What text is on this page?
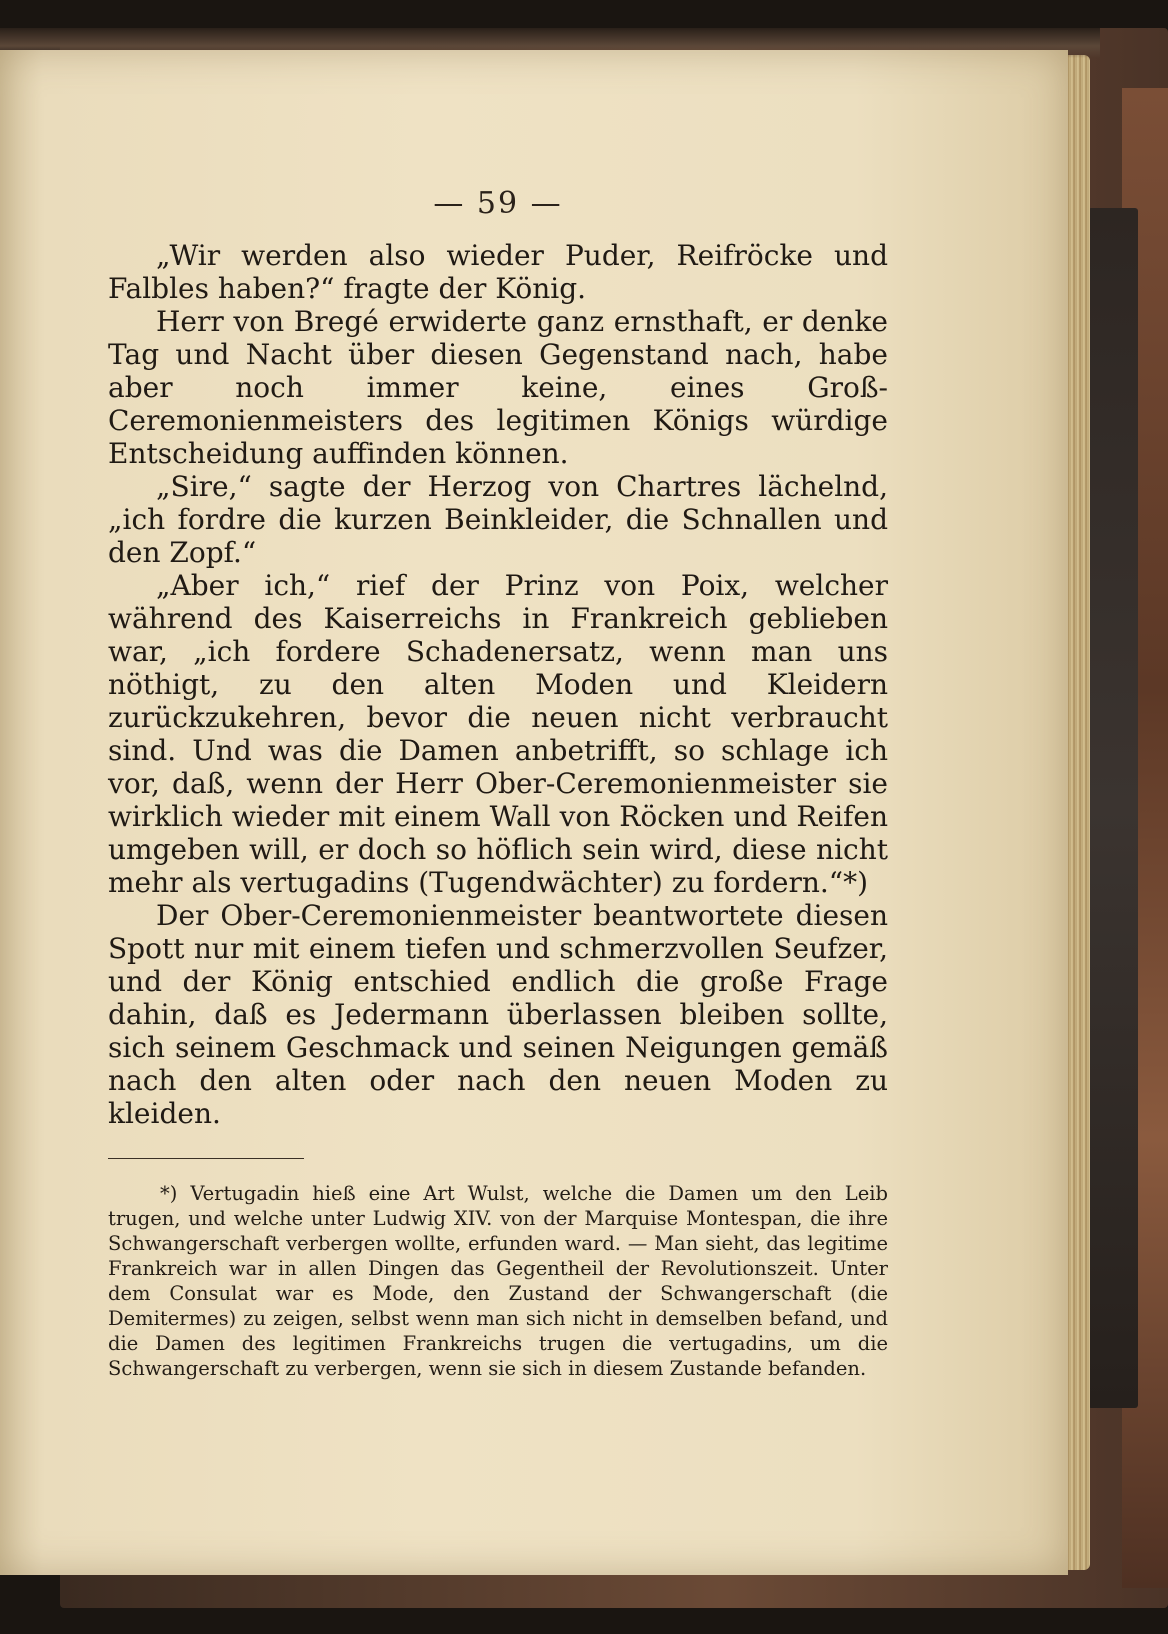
— 59 —

„Wir werden also wieder Puder, Reifröcke und Falbles haben?“ fragte der König.

Herr von Bregé erwiderte ganz ernsthaft, er denke Tag und Nacht über diesen Gegenstand nach, habe aber noch immer keine, eines Groß-Ceremonienmeisters des legitimen Königs würdige Entscheidung auffinden können.

„Sire,“ sagte der Herzog von Chartres lächelnd, „ich fordre die kurzen Beinkleider, die Schnallen und den Zopf.“

„Aber ich,“ rief der Prinz von Poix, welcher während des Kaiserreichs in Frankreich geblieben war, „ich fordere Schadenersatz, wenn man uns nöthigt, zu den alten Moden und Kleidern zurückzukehren, bevor die neuen nicht verbraucht sind. Und was die Damen anbetrifft, so schlage ich vor, daß, wenn der Herr Ober-Ceremonienmeister sie wirklich wieder mit einem Wall von Röcken und Reifen umgeben will, er doch so höflich sein wird, diese nicht mehr als vertugadins (Tugendwächter) zu fordern.“*)

Der Ober-Ceremonienmeister beantwortete diesen Spott nur mit einem tiefen und schmerzvollen Seufzer, und der König entschied endlich die große Frage dahin, daß es Jedermann überlassen bleiben sollte, sich seinem Geschmack und seinen Neigungen gemäß nach den alten oder nach den neuen Moden zu kleiden.

*) Vertugadin hieß eine Art Wulst, welche die Damen um den Leib trugen, und welche unter Ludwig XIV. von der Marquise Montespan, die ihre Schwangerschaft verbergen wollte, erfunden ward. — Man sieht, das legitime Frankreich war in allen Dingen das Gegentheil der Revolutionszeit. Unter dem Consulat war es Mode, den Zustand der Schwangerschaft (die Demitermes) zu zeigen, selbst wenn man sich nicht in demselben befand, und die Damen des legitimen Frankreichs trugen die vertugadins, um die Schwangerschaft zu verbergen, wenn sie sich in diesem Zustande befanden.
